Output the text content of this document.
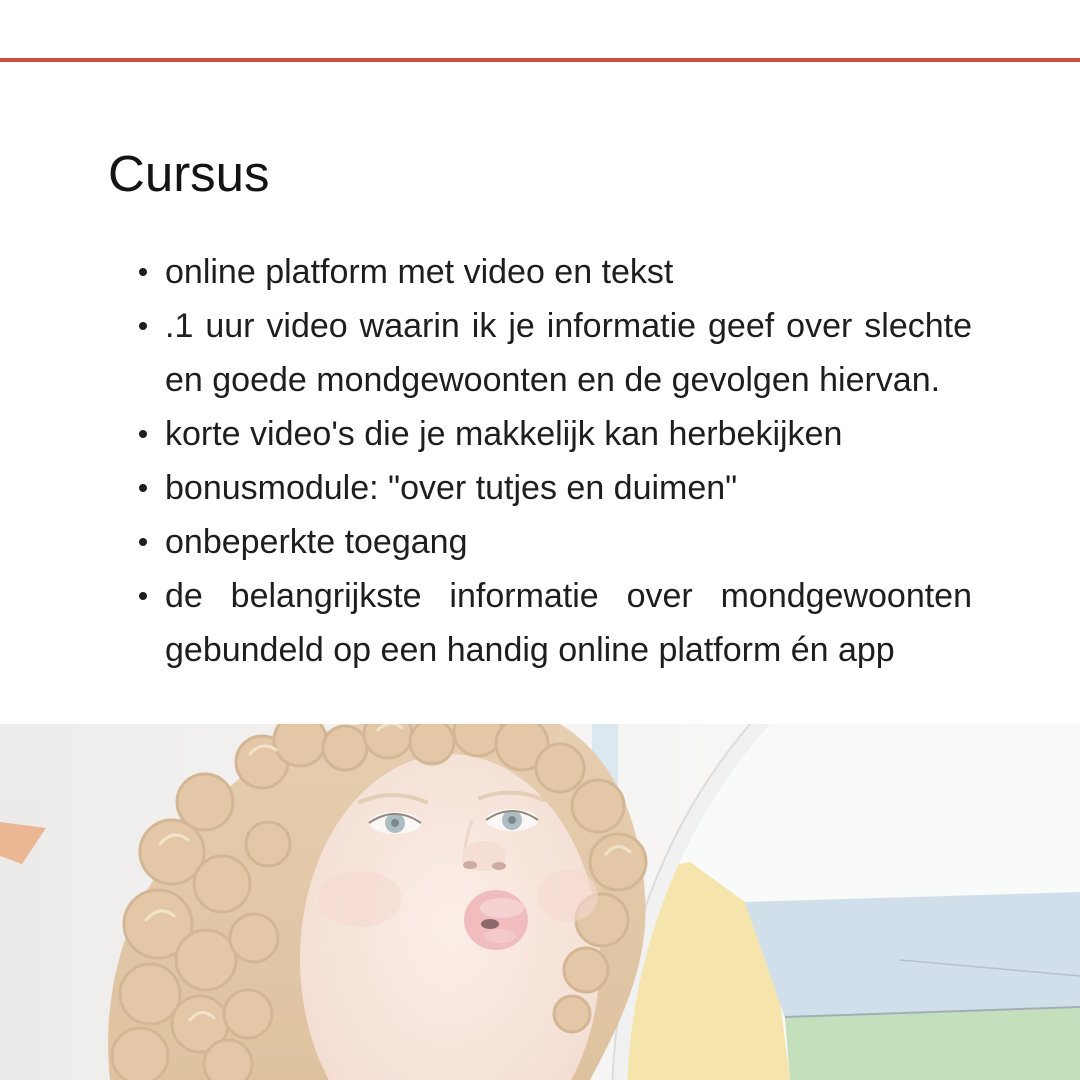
Cursus
online platform met video en tekst
.1 uur video waarin ik je informatie geef over slechte en goede mondgewoonten en de gevolgen hiervan.
korte video's die je makkelijk kan herbekijken
bonusmodule: "over tutjes en duimen"
onbeperkte toegang
de belangrijkste informatie over mondgewoonten gebundeld op een handig online platform én app
